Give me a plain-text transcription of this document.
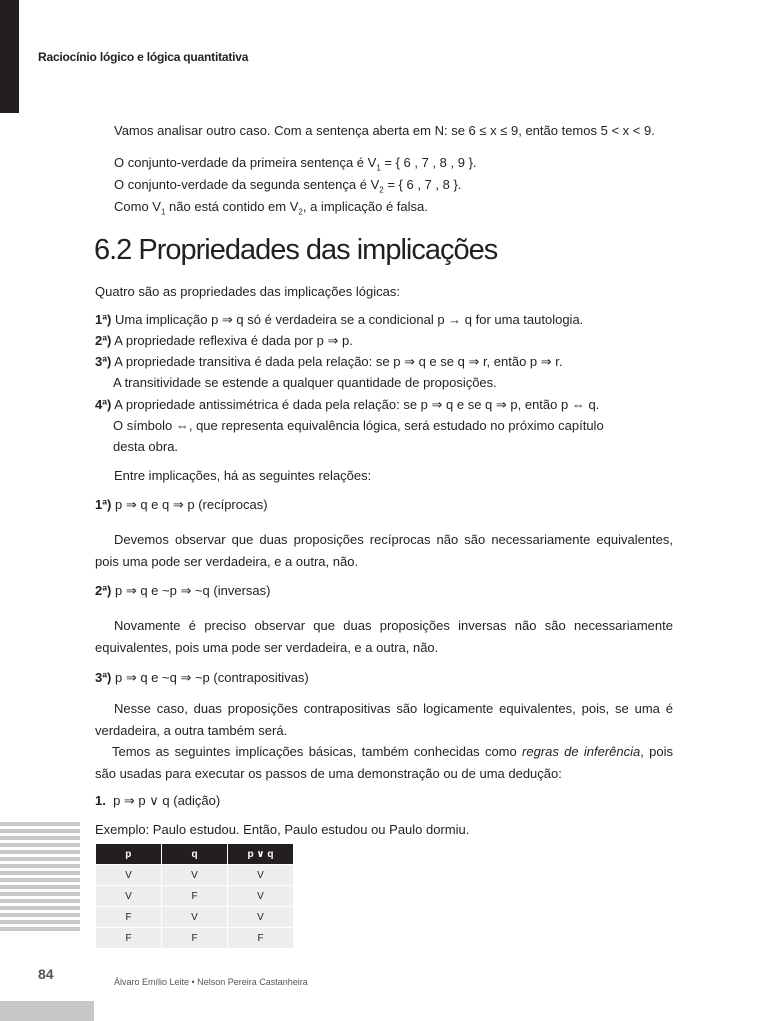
Raciocínio lógico e lógica quantitativa
Vamos analisar outro caso. Com a sentença aberta em N: se 6 ≤ x ≤ 9, então temos 5 < x < 9.
O conjunto-verdade da primeira sentença é $V_1$ = { 6 , 7 , 8 , 9 }.
O conjunto-verdade da segunda sentença é $V_2$ = { 6 , 7 , 8 }.
Como $V_1$ não está contido em $V_2$, a implicação é falsa.
6.2 Propriedades das implicações
Quatro são as propriedades das implicações lógicas:
1ª) Uma implicação p ⇒ q só é verdadeira se a condicional p → q for uma tautologia.
2ª) A propriedade reflexiva é dada por p ⇒ p.
3ª) A propriedade transitiva é dada pela relação: se p ⇒ q e se q ⇒ r, então p ⇒ r.
A transitividade se estende a qualquer quantidade de proposições.
4ª) A propriedade antissimétrica é dada pela relação: se p ⇒ q e se q ⇒ p, então p ⇔ q.
O símbolo ⇔, que representa equivalência lógica, será estudado no próximo capítulo
desta obra.
Entre implicações, há as seguintes relações:
1ª) p ⇒ q e q ⇒ p (recíprocas)
Devemos observar que duas proposições recíprocas não são necessariamente equivalentes, pois uma pode ser verdadeira, e a outra, não.
2ª) p ⇒ q e ~p ⇒ ~q (inversas)
Novamente é preciso observar que duas proposições inversas não são necessariamente equivalentes, pois uma pode ser verdadeira, e a outra, não.
3ª) p ⇒ q e ~q ⇒ ~p (contrapositivas)
Nesse caso, duas proposições contrapositivas são logicamente equivalentes, pois, se uma é verdadeira, a outra também será.
Temos as seguintes implicações básicas, também conhecidas como regras de inferência, pois são usadas para executar os passos de uma demonstração ou de uma dedução:
1. p ⇒ p ∨ q (adição)
Exemplo: Paulo estudou. Então, Paulo estudou ou Paulo dormiu.
p	q	p ∨ q
V	V	V
V	F	V
F	V	V
F	F	F
84	Álvaro Emílio Leite • Nelson Pereira Castanheira
